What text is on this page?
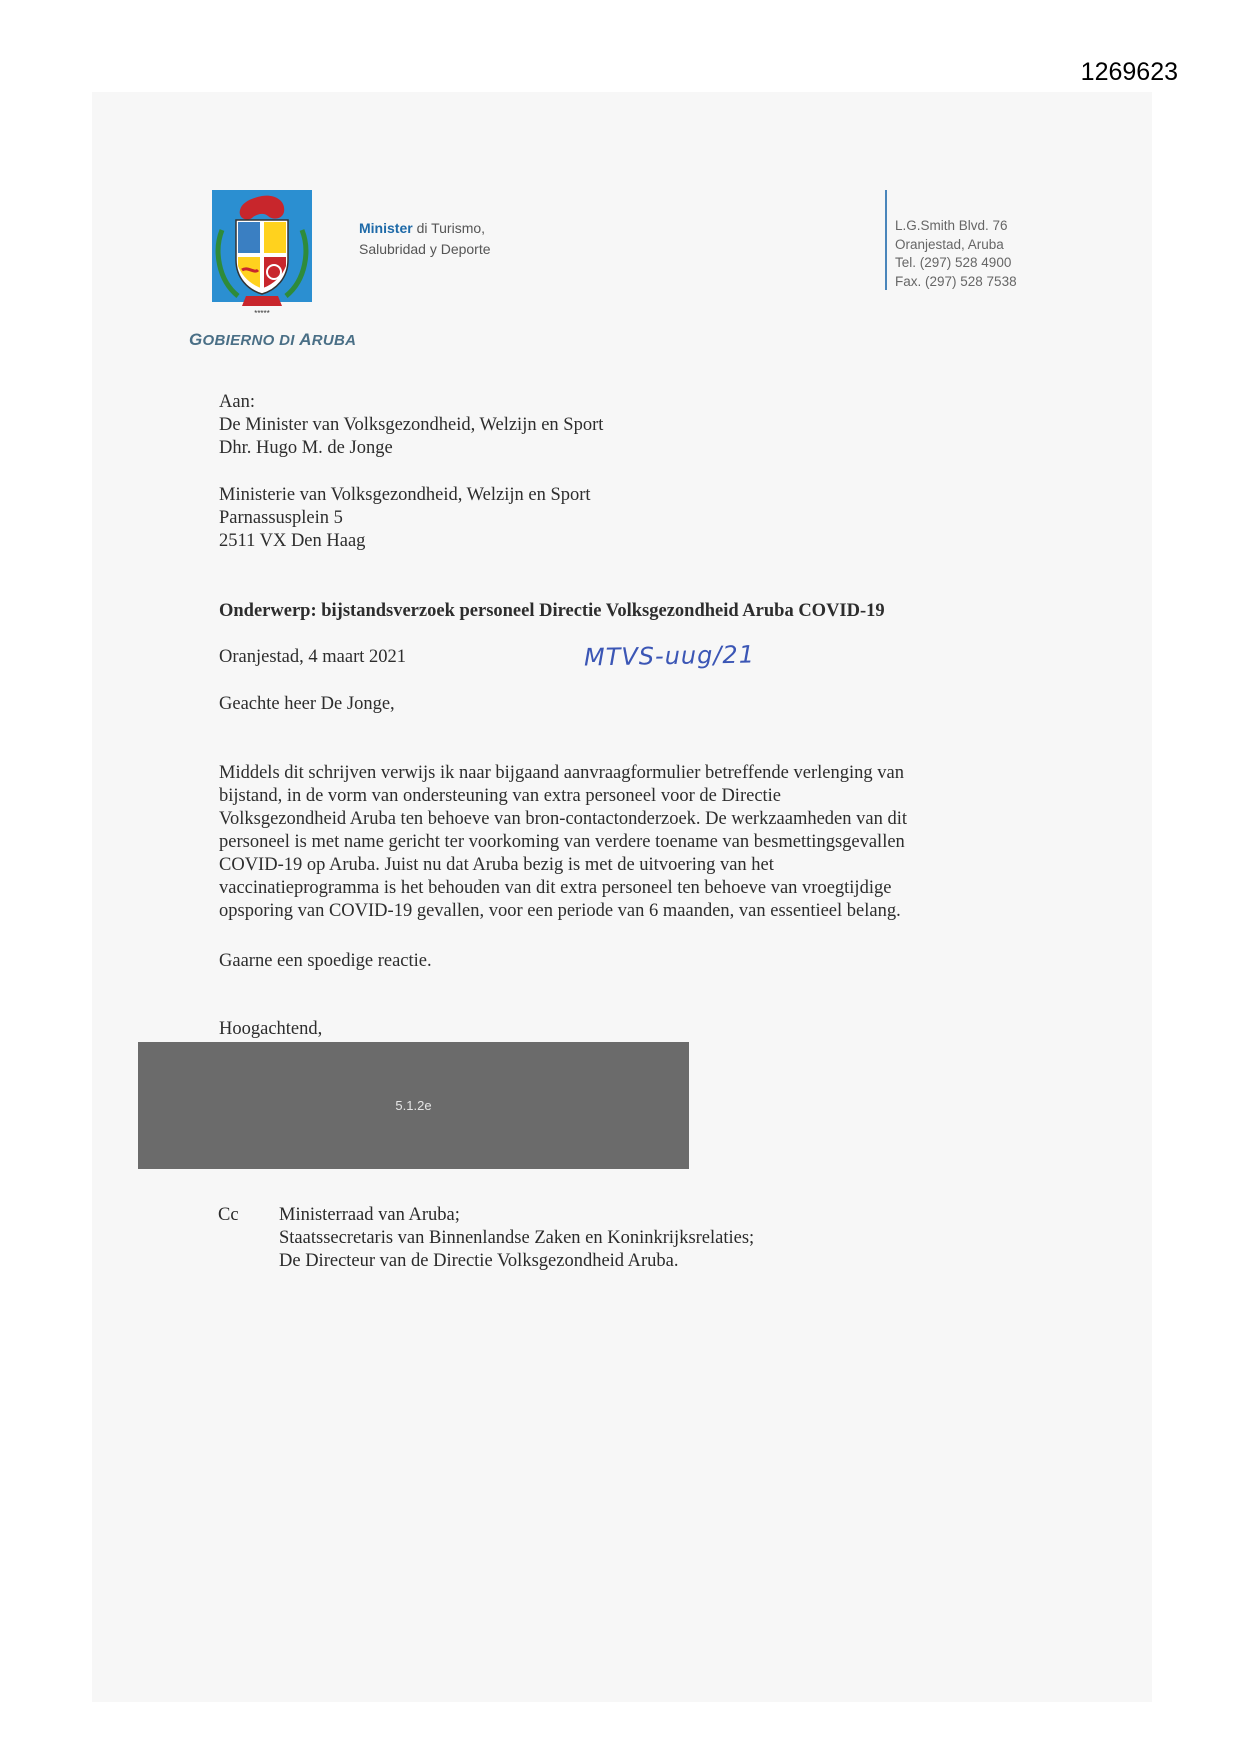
1269623
*****
GOBIERNO DI ARUBA
Minister di Turismo,
Salubridad y Deporte
L.G.Smith Blvd. 76
Oranjestad, Aruba
Tel. (297) 528 4900
Fax. (297) 528 7538
Aan:
De Minister van Volksgezondheid, Welzijn en Sport
Dhr. Hugo M. de Jonge
Ministerie van Volksgezondheid, Welzijn en Sport
Parnassusplein 5
2511 VX Den Haag
Onderwerp: bijstandsverzoek personeel Directie Volksgezondheid Aruba COVID-19
Oranjestad, 4 maart 2021	MTVS-uug/21
Geachte heer De Jonge,
Middels dit schrijven verwijs ik naar bijgaand aanvraagformulier betreffende verlenging van
bijstand, in de vorm van ondersteuning van extra personeel voor de Directie
Volksgezondheid Aruba ten behoeve van bron-contactonderzoek. De werkzaamheden van dit
personeel is met name gericht ter voorkoming van verdere toename van besmettingsgevallen
COVID-19 op Aruba. Juist nu dat Aruba bezig is met de uitvoering van het
vaccinatieprogramma is het behouden van dit extra personeel ten behoeve van vroegtijdige
opsporing van COVID-19 gevallen, voor een periode van 6 maanden, van essentieel belang.
Gaarne een spoedige reactie.
Hoogachtend,
5.1.2e
Cc Ministerraad van Aruba;
Staatssecretaris van Binnenlandse Zaken en Koninkrijksrelaties;
De Directeur van de Directie Volksgezondheid Aruba.
